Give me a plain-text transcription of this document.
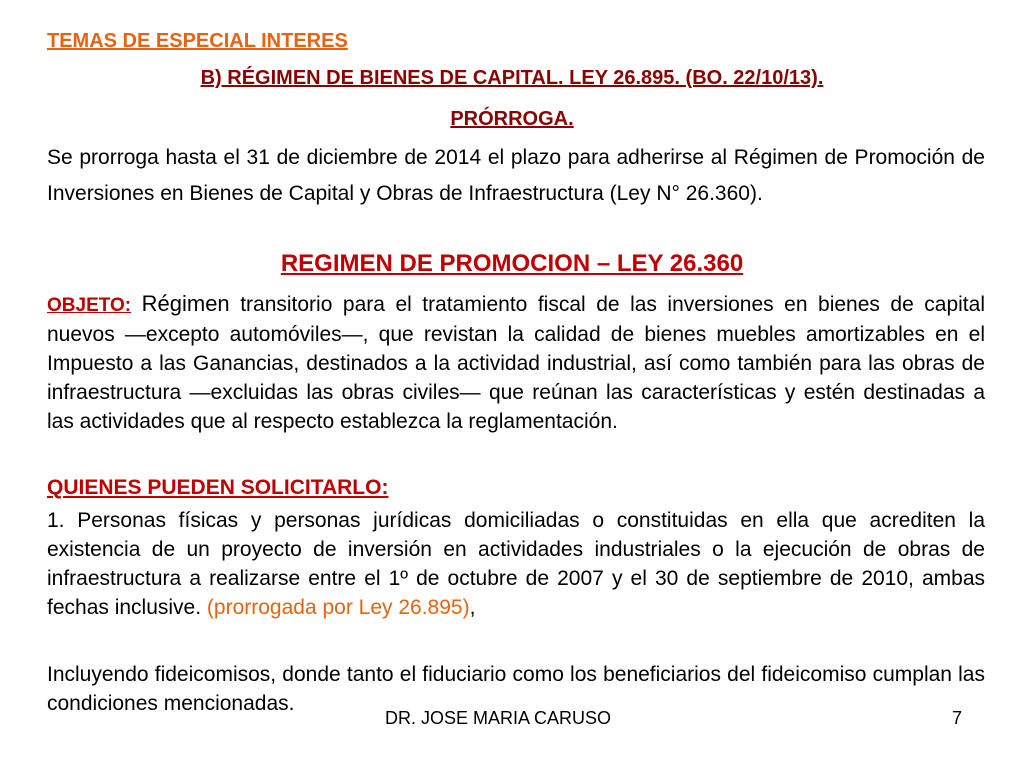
TEMAS DE ESPECIAL INTERES
B) RÉGIMEN DE BIENES DE CAPITAL. LEY 26.895. (BO. 22/10/13).
PRÓRROGA.
Se prorroga hasta el 31 de diciembre de 2014 el plazo para adherirse al Régimen de Promoción de Inversiones en Bienes de Capital y Obras de Infraestructura (Ley N° 26.360).
REGIMEN DE PROMOCION – LEY 26.360
OBJETO: Régimen transitorio para el tratamiento fiscal de las inversiones en bienes de capital nuevos —excepto automóviles—, que revistan la calidad de bienes muebles amortizables en el Impuesto a las Ganancias, destinados a la actividad industrial, así como también para las obras de infraestructura —excluidas las obras civiles— que reúnan las características y estén destinadas a las actividades que al respecto establezca la reglamentación.
QUIENES PUEDEN SOLICITARLO:
1. Personas físicas y personas jurídicas domiciliadas o constituidas en ella que acrediten la existencia de un proyecto de inversión en actividades industriales o la ejecución de obras de infraestructura a realizarse entre el 1º de octubre de 2007 y el 30 de septiembre de 2010, ambas fechas inclusive. (prorrogada por Ley 26.895),
Incluyendo fideicomisos, donde tanto el fiduciario como los beneficiarios del fideicomiso cumplan las condiciones mencionadas.
DR. JOSE MARIA CARUSO	7
